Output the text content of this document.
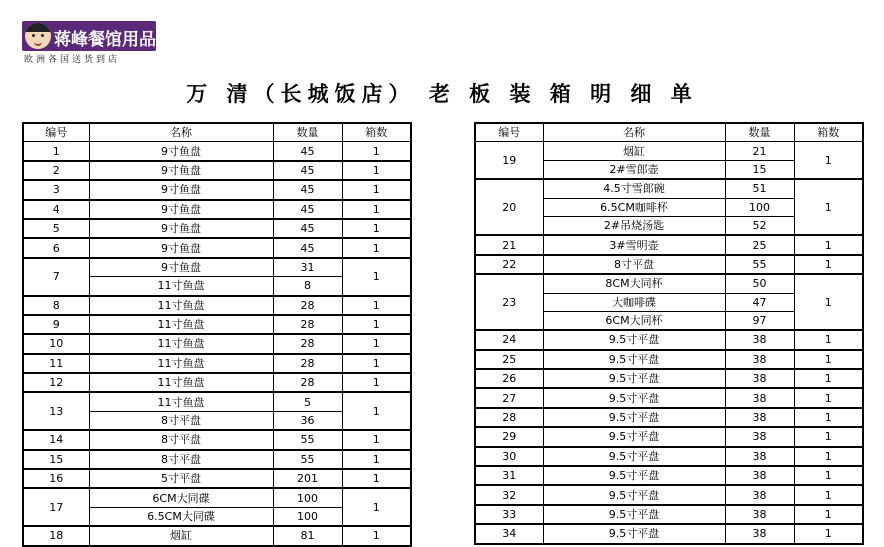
蒋峰餐馆用品
欧洲各国送货到店
万 清（长城饭店） 老 板 装 箱 明 细 单
编号	名称	数量	箱数
1	9寸鱼盘	45	1
2	9寸鱼盘	45	1
3	9寸鱼盘	45	1
4	9寸鱼盘	45	1
5	9寸鱼盘	45	1
6	9寸鱼盘	45	1
7	9寸鱼盘	31	1
	11寸鱼盘	8	
8	11寸鱼盘	28	1
9	11寸鱼盘	28	1
10	11寸鱼盘	28	1
11	11寸鱼盘	28	1
12	11寸鱼盘	28	1
13	11寸鱼盘	5	1
	8寸平盘	36	
14	8寸平盘	55	1
15	8寸平盘	55	1
16	5寸平盘	201	1
17	6CM大同碟	100	1
	6.5CM大同碟	100	
18	烟缸	81	1
编号	名称	数量	箱数
19	烟缸	21	1
	2#雪郎壶	15	
20	4.5寸雪郎碗	51	1
	6.5CM咖啡杯	100	
	2#吊烧汤匙	52	
21	3#雪明壶	25	1
22	8寸平盘	55	1
23	8CM大同杯	50	1
	大咖啡碟	47	
	6CM大同杯	97	
24	9.5寸平盘	38	1
25	9.5寸平盘	38	1
26	9.5寸平盘	38	1
27	9.5寸平盘	38	1
28	9.5寸平盘	38	1
29	9.5寸平盘	38	1
30	9.5寸平盘	38	1
31	9.5寸平盘	38	1
32	9.5寸平盘	38	1
33	9.5寸平盘	38	1
34	9.5寸平盘	38	1
